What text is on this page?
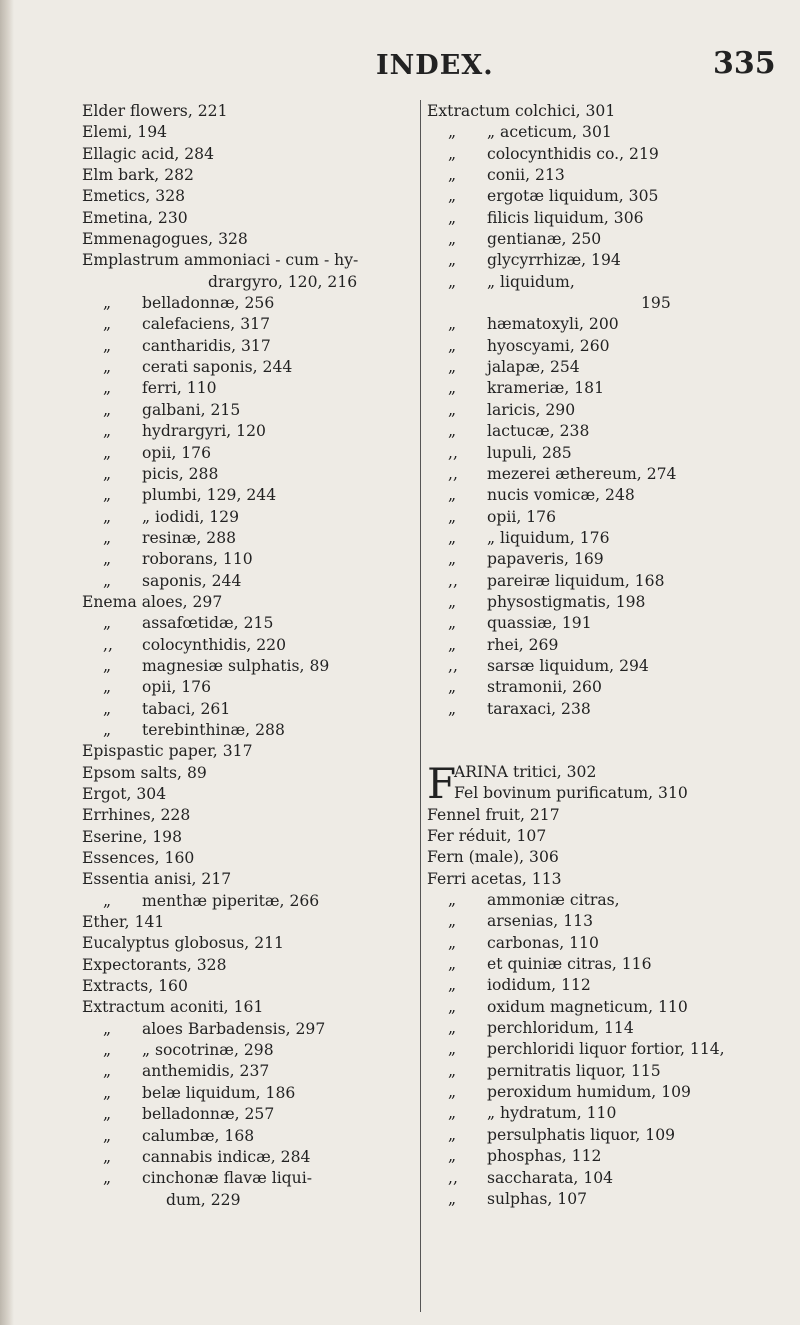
INDEX.	335
Elder flowers, 221
Elemi, 194
Ellagic acid, 284
Elm bark, 282
Emetics, 328
Emetina, 230
Emmenagogues, 328
Emplastrum ammoniaci - cum - hy-
drargyro, 120, 216
„ belladonnæ, 256
„ calefaciens, 317
„ cantharidis, 317
„ cerati saponis, 244
„ ferri, 110
„ galbani, 215
„ hydrargyri, 120
„ opii, 176
„ picis, 288
„ plumbi, 129, 244
„ „ iodidi, 129
„ resinæ, 288
„ roborans, 110
„ saponis, 244
Enema aloes, 297
„ assafœtidæ, 215
,, colocynthidis, 220
„ magnesiæ sulphatis, 89
„ opii, 176
„ tabaci, 261
„ terebinthinæ, 288
Epispastic paper, 317
Epsom salts, 89
Ergot, 304
Errhines, 228
Eserine, 198
Essences, 160
Essentia anisi, 217
„ menthæ piperitæ, 266
Ether, 141
Eucalyptus globosus, 211
Expectorants, 328
Extracts, 160
Extractum aconiti, 161
„ aloes Barbadensis, 297
„ „ socotrinæ, 298
„ anthemidis, 237
„ belæ liquidum, 186
„ belladonnæ, 257
„ calumbæ, 168
„ cannabis indicæ, 284
„ cinchonæ flavæ liqui-
dum, 229
Extractum colchici, 301
„ „ aceticum, 301
„ colocynthidis co., 219
„ conii, 213
„ ergotæ liquidum, 305
„ filicis liquidum, 306
„ gentianæ, 250
„ glycyrrhizæ, 194
„ „ liquidum,
195
„ hæmatoxyli, 200
„ hyoscyami, 260
„ jalapæ, 254
„ krameriæ, 181
„ laricis, 290
„ lactucæ, 238
,, lupuli, 285
,, mezerei æthereum, 274
„ nucis vomicæ, 248
„ opii, 176
„ „ liquidum, 176
„ papaveris, 169
,, pareiræ liquidum, 168
„ physostigmatis, 198
„ quassiæ, 191
„ rhei, 269
,, sarsæ liquidum, 294
„ stramonii, 260
„ taraxaci, 238
F
ARINA tritici, 302
Fel bovinum purificatum, 310
Fennel fruit, 217
Fer réduit, 107
Fern (male), 306
Ferri acetas, 113
„ ammoniæ citras,
„ arsenias, 113
„ carbonas, 110
„ et quiniæ citras, 116
„ iodidum, 112
„ oxidum magneticum, 110
„ perchloridum, 114
„ perchloridi liquor fortior, 114,
„ pernitratis liquor, 115
„ peroxidum humidum, 109
„ „ hydratum, 110
„ persulphatis liquor, 109
„ phosphas, 112
,, saccharata, 104
„ sulphas, 107
